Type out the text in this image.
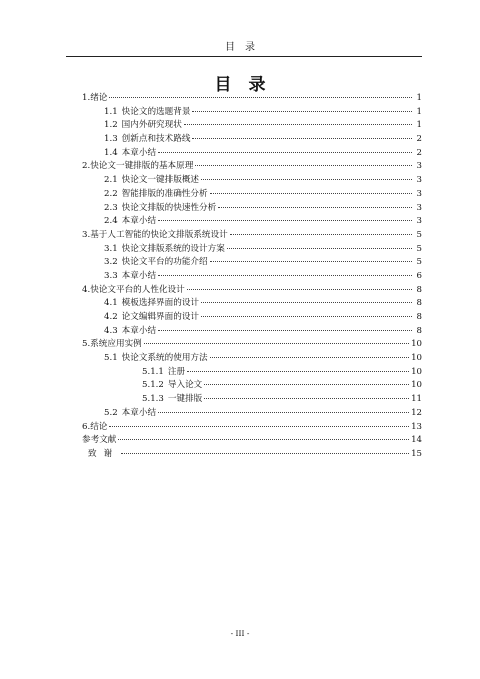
目　录
目　录
1.绪论	1
1.1 快论文的选题背景	1
1.2 国内外研究现状	1
1.3 创新点和技术路线	2
1.4 本章小结	2
2.快论文一键排版的基本原理	3
2.1 快论文一键排版概述	3
2.2 智能排版的准确性分析	3
2.3 快论文排版的快速性分析	3
2.4 本章小结	3
3.基于人工智能的快论文排版系统设计	5
3.1 快论文排版系统的设计方案	5
3.2 快论文平台的功能介绍	5
3.3 本章小结	6
4.快论文平台的人性化设计	8
4.1 模板选择界面的设计	8
4.2 论文编辑界面的设计	8
4.3 本章小结	8
5.系统应用实例	10
5.1 快论文系统的使用方法	10
5.1.1 注册	10
5.1.2 导入论文	10
5.1.3 一键排版	11
5.2 本章小结	12
6.结论	13
参考文献	14
致谢	15
- III -
